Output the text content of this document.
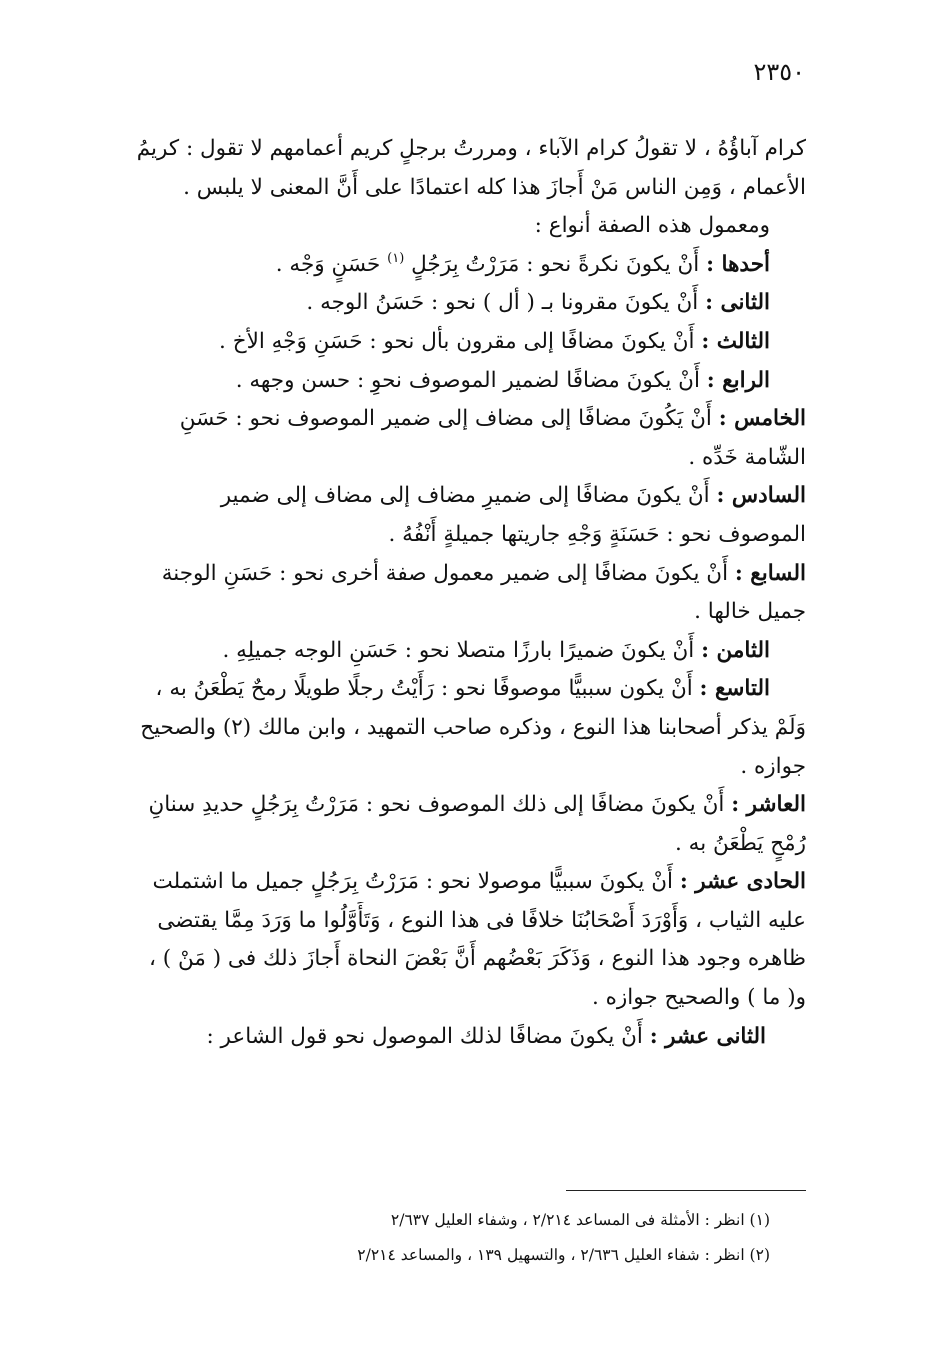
٢٣٥٠
كرام آباؤُهُ ، لا تقولُ كرام الآباء ، ومررتُ برجلٍ كريم أعمامهم لا تقول : كريمُ
الأعمام ، وَمِن الناس مَنْ أَجازَ هذا كله اعتمادًا على أَنَّ المعنى لا يلبس .
ومعمول هذه الصفة أنواع :
أحدها : أَنْ يكونَ نكرةً نحو : مَرَرْتُ بِرَجُلٍ $^{(١)}$ حَسَنٍ وَجْه .
الثانى : أَنْ يكونَ مقرونا بـ ( أل ) نحو : حَسَنُ الوجه .
الثالث : أَنْ يكونَ مضافًا إلى مقرون بأل نحو : حَسَنِ وَجْهِ الأخ .
الرابع : أَنْ يكونَ مضافًا لضمير الموصوف نحوِ : حسن وجهه .
الخامس : أَنْ يَكُونَ مضافًا إلى مضاف إلى ضمير الموصوف نحو : حَسَنِ
الشّامة خَدِّه .
السادس : أَنْ يكونَ مضافًا إلى ضميرِ مضاف إلى مضاف إلى ضمير
الموصوف نحو : حَسَنَةٍ وَجْهِ جاريتها جميلةٍ أَنْفُهُ .
السابع : أَنْ يكونَ مضافًا إلى ضمير معمول صفة أخرى نحو : حَسَنِ الوجنة
جميل خالها .
الثامن : أَنْ يكونَ ضميرًا بارزًا متصلا نحو : حَسَنِ الوجه جميلِهِ .
التاسع : أَنْ يكون سببيًّا موصوفًا نحو : رَأَيْتُ رجلًا طويلًا رمحٌ يَطْعَنُ به ،
وَلَمْ يذكر أصحابنا هذا النوع ، وذكره صاحب التمهيد ، وابن مالك (٢) والصحيح
جوازه .
العاشر : أَنْ يكونَ مضافًا إلى ذلك الموصوف نحو : مَرَرْتُ بِرَجُلٍ حديدِ سنانِ
رُمْحٍ يَطْعَنُ به .
الحادى عشر : أَنْ يكونَ سببيًّا موصولا نحو : مَرَرْتُ بِرَجُلٍ جميل ما اشتملت
عليه الثياب ، وَأَوْرَدَ أَصْحَابُنَا خلافًا فى هذا النوع ، وَتَأَوَّلُوا ما وَرَدَ مِمَّا يقتضى
ظاهره وجود هذا النوع ، وَذَكَرَ بَعْضُهم أَنَّ بَعْضَ النحاة أَجازَ ذلك فى ( مَنْ ) ،
و( ما ) والصحيح جوازه .
الثانى عشر : أَنْ يكونَ مضافًا لذلك الموصول نحو قول الشاعر :
(١) انظر : الأمثلة فى المساعد ٢/٢١٤ ، وشفاء العليل ٢/٦٣٧
(٢) انظر : شفاء العليل ٢/٦٣٦ ، والتسهيل ١٣٩ ، والمساعد ٢/٢١٤
